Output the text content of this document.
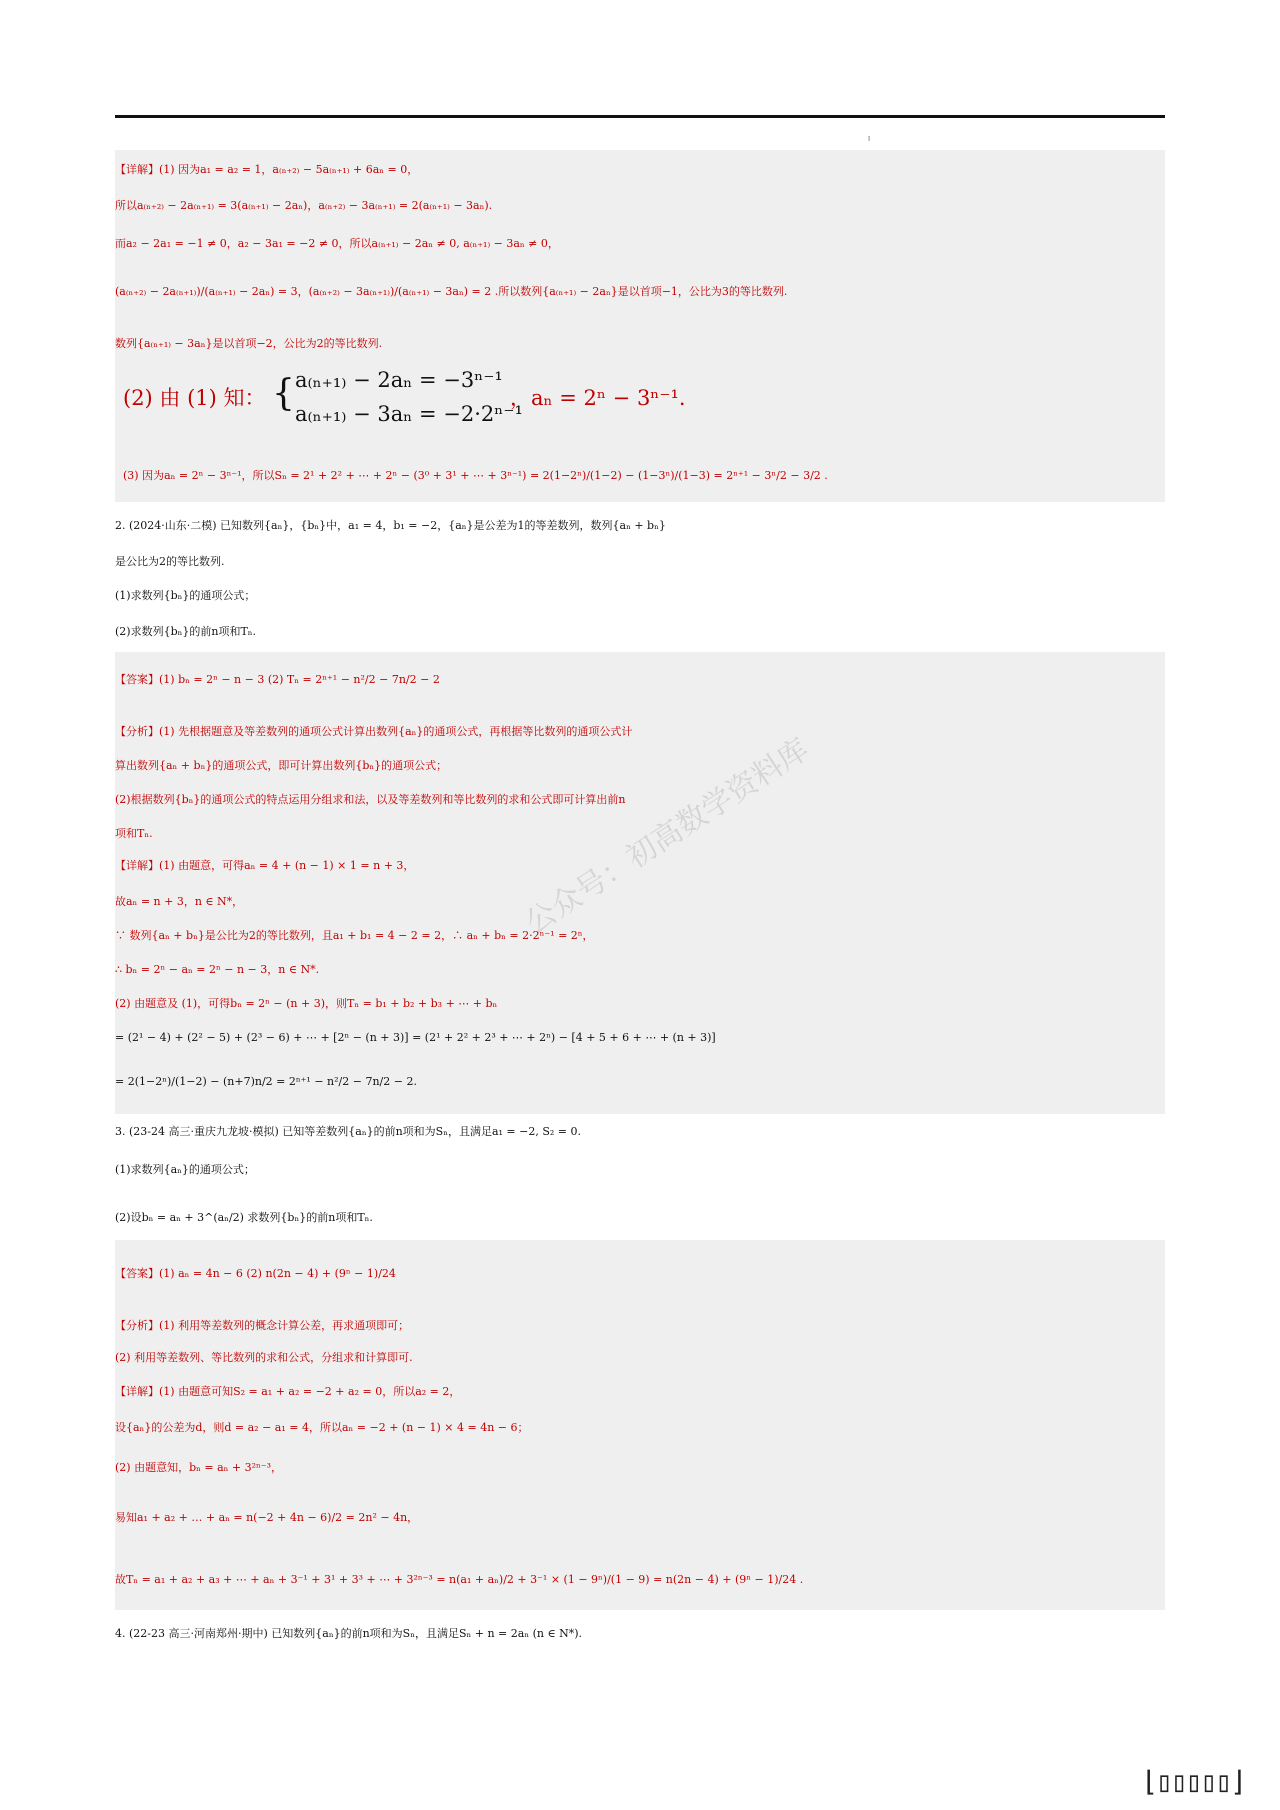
ˡ
【详解】(1) 因为a₁ = a₂ = 1，a₍ₙ₊₂₎ − 5a₍ₙ₊₁₎ + 6aₙ = 0，
所以a₍ₙ₊₂₎ − 2a₍ₙ₊₁₎ = 3(a₍ₙ₊₁₎ − 2aₙ)，a₍ₙ₊₂₎ − 3a₍ₙ₊₁₎ = 2(a₍ₙ₊₁₎ − 3aₙ).
而a₂ − 2a₁ = −1 ≠ 0，a₂ − 3a₁ = −2 ≠ 0，所以a₍ₙ₊₁₎ − 2aₙ ≠ 0, a₍ₙ₊₁₎ − 3aₙ ≠ 0，
(a₍ₙ₊₂₎ − 2a₍ₙ₊₁₎)/(a₍ₙ₊₁₎ − 2aₙ) = 3，(a₍ₙ₊₂₎ − 3a₍ₙ₊₁₎)/(a₍ₙ₊₁₎ − 3aₙ) = 2 .所以数列{a₍ₙ₊₁₎ − 2aₙ}是以首项−1，公比为3的等比数列.
数列{a₍ₙ₊₁₎ − 3aₙ}是以首项−2，公比为2的等比数列.
(2) 由 (1) 知： { a₍ₙ₊₁₎ − 2aₙ = −3ⁿ⁻¹
a₍ₙ₊₁₎ − 3aₙ = −2·2ⁿ⁻¹
，aₙ = 2ⁿ − 3ⁿ⁻¹.
(3) 因为aₙ = 2ⁿ − 3ⁿ⁻¹，所以Sₙ = 2¹ + 2² + ⋯ + 2ⁿ − (3⁰ + 3¹ + ⋯ + 3ⁿ⁻¹) = 2(1−2ⁿ)/(1−2) − (1−3ⁿ)/(1−3) = 2ⁿ⁺¹ − 3ⁿ/2 − 3/2 .
2. (2024·山东·二模) 已知数列{aₙ}，{bₙ}中，a₁ = 4，b₁ = −2，{aₙ}是公差为1的等差数列，数列{aₙ + bₙ}
是公比为2的等比数列.
(1)求数列{bₙ}的通项公式；
(2)求数列{bₙ}的前n项和Tₙ.
【答案】(1) bₙ = 2ⁿ − n − 3 (2) Tₙ = 2ⁿ⁺¹ − n²/2 − 7n/2 − 2
【分析】(1) 先根据题意及等差数列的通项公式计算出数列{aₙ}的通项公式，再根据等比数列的通项公式计
算出数列{aₙ + bₙ}的通项公式，即可计算出数列{bₙ}的通项公式；
(2)根据数列{bₙ}的通项公式的特点运用分组求和法，以及等差数列和等比数列的求和公式即可计算出前n
项和Tₙ.
【详解】(1) 由题意，可得aₙ = 4 + (n − 1) × 1 = n + 3，
故aₙ = n + 3，n ∈ N*，
∵ 数列{aₙ + bₙ}是公比为2的等比数列，且a₁ + b₁ = 4 − 2 = 2，∴ aₙ + bₙ = 2·2ⁿ⁻¹ = 2ⁿ，
∴ bₙ = 2ⁿ − aₙ = 2ⁿ − n − 3，n ∈ N*.
(2) 由题意及 (1)，可得bₙ = 2ⁿ − (n + 3)，则Tₙ = b₁ + b₂ + b₃ + ⋯ + bₙ
= (2¹ − 4) + (2² − 5) + (2³ − 6) + ⋯ + [2ⁿ − (n + 3)] = (2¹ + 2² + 2³ + ⋯ + 2ⁿ) − [4 + 5 + 6 + ⋯ + (n + 3)]
= 2(1−2ⁿ)/(1−2) − (n+7)n/2 = 2ⁿ⁺¹ − n²/2 − 7n/2 − 2.
3. (23-24 高三·重庆九龙坡·模拟) 已知等差数列{aₙ}的前n项和为Sₙ，且满足a₁ = −2, S₂ = 0.
(1)求数列{aₙ}的通项公式；
(2)设bₙ = aₙ + 3^(aₙ/2) 求数列{bₙ}的前n项和Tₙ.
【答案】(1) aₙ = 4n − 6 (2) n(2n − 4) + (9ⁿ − 1)/24
【分析】(1) 利用等差数列的概念计算公差，再求通项即可；
(2) 利用等差数列、等比数列的求和公式，分组求和计算即可.
【详解】(1) 由题意可知S₂ = a₁ + a₂ = −2 + a₂ = 0，所以a₂ = 2，
设{aₙ}的公差为d，则d = a₂ − a₁ = 4，所以aₙ = −2 + (n − 1) × 4 = 4n − 6；
(2) 由题意知，bₙ = aₙ + 3²ⁿ⁻³，
易知a₁ + a₂ + … + aₙ = n(−2 + 4n − 6)/2 = 2n² − 4n，
故Tₙ = a₁ + a₂ + a₃ + ⋯ + aₙ + 3⁻¹ + 3¹ + 3³ + ⋯ + 3²ⁿ⁻³ = n(a₁ + aₙ)/2 + 3⁻¹ × (1 − 9ⁿ)/(1 − 9) = n(2n − 4) + (9ⁿ − 1)/24 .
4. (22-23 高三·河南郑州·期中) 已知数列{aₙ}的前n项和为Sₙ，且满足Sₙ + n = 2aₙ (n ∈ N*).
公众号：初高数学资料库
⌊▯▯▯▯▯⌋
